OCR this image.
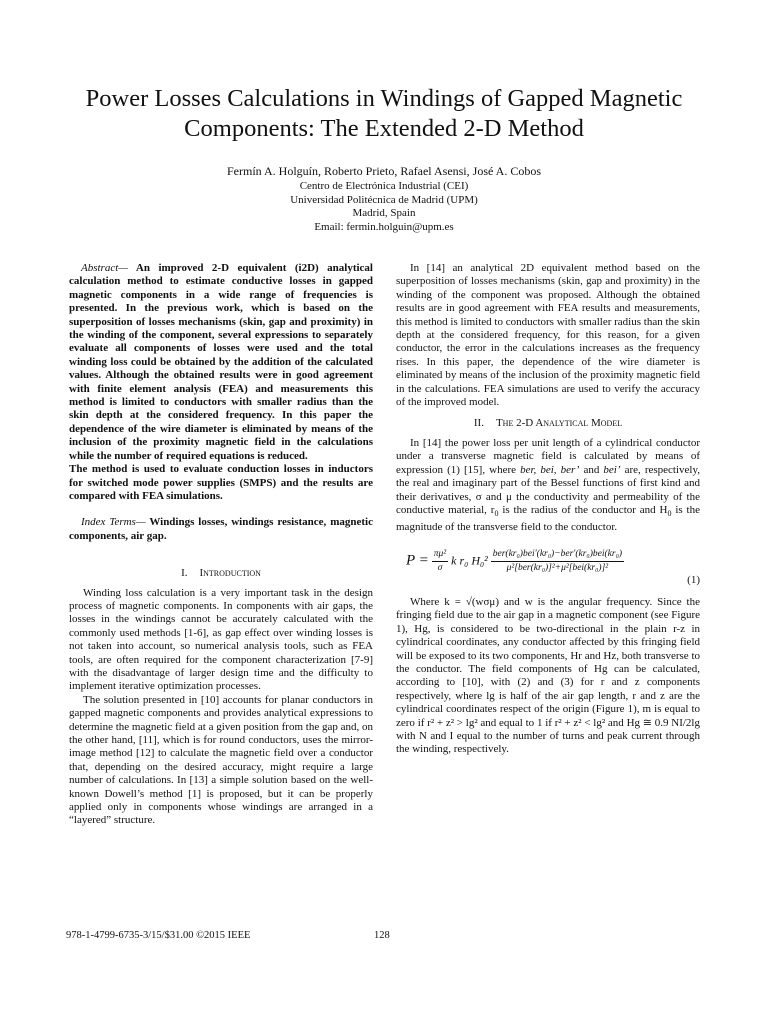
Power Losses Calculations in Windings of Gapped Magnetic Components: The Extended 2-D Method
Fermín A. Holguín, Roberto Prieto, Rafael Asensi, José A. Cobos
Centro de Electrónica Industrial (CEI)
Universidad Politécnica de Madrid (UPM)
Madrid, Spain
Email: fermin.holguin@upm.es

Abstract— An improved 2-D equivalent (i2D) analytical calculation method to estimate conductive losses in gapped magnetic components in a wide range of frequencies is presented. In the previous work, which is based on the superposition of losses mechanisms (skin, gap and proximity) in the winding of the component, several expressions to separately evaluate all components of losses were used and the total winding loss could be obtained by the addition of the calculated values. Although the obtained results were in good agreement with finite element analysis (FEA) and measurements this method is limited to conductors with smaller radius than the skin depth at the considered frequency. In this paper the dependence of the wire diameter is eliminated by means of the inclusion of the proximity magnetic field in the calculations while the number of required equations is reduced.

The method is used to evaluate conduction losses in inductors for switched mode power supplies (SMPS) and the results are compared with FEA simulations.

Index Terms— Windings losses, windings resistance, magnetic components, air gap.

I. Introduction

Winding loss calculation is a very important task in the design process of magnetic components. In components with air gaps, the losses in the windings cannot be accurately calculated with the commonly used methods [1-6], as gap effect over winding losses is not taken into account, so numerical analysis tools, such as FEA tools, are often required for the component characterization [7-9] with the disadvantage of larger design time and the difficulty to implement iterative optimization processes.

The solution presented in [10] accounts for planar conductors in gapped magnetic components and provides analytical expressions to determine the magnetic field at a given position from the gap and, on the other hand, [11], which is for round conductors, uses the mirror-image method [12] to calculate the magnetic field over a conductor that, depending on the desired accuracy, might require a large number of calculations. In [13] a simple solution based on the well-known Dowell’s method [1] is proposed, but it can be properly applied only in components whose windings are arranged in a “layered” structure.

In [14] an analytical 2D equivalent method based on the superposition of losses mechanisms (skin, gap and proximity) in the winding of the component was proposed. Although the obtained results are in good agreement with FEA results and measurements, this method is limited to conductors with smaller radius than the skin depth at the considered frequency, for this reason, for a given conductor, the error in the calculations increases as the frequency rises. In this paper, the dependence of the wire diameter is eliminated by means of the inclusion of the proximity magnetic field in the calculations. FEA simulations are used to verify the accuracy of the improved model.

II. The 2-D Analytical Model

In [14] the power loss per unit length of a cylindrical conductor under a transverse magnetic field is calculated by means of expression (1) [15], where ber, bei, ber’ and bei’ are, respectively, the real and imaginary part of the Bessel functions of first kind and their derivatives, σ and μ the conductivity and permeability of the conductive material, $r_0$ is the radius of the conductor and $H_0$ is the magnitude of the transverse field to the conductor.

$P = \frac{\text{πμ²}}{\sigma}$ k r₀ $H_0^2 \frac{\text{ber(kr₀)bei′(kr₀)−ber′(kr₀)bei(kr₀)}}{\text{μ²[ber(kr₀)]²+μ²[bei(kr₀)]²}}$
(1)

Where k = √(wσμ) and w is the angular frequency. Since the fringing field due to the air gap in a magnetic component (see Figure 1), Hg, is considered to be two-directional in the plain r-z in cylindrical coordinates, any conductor affected by this fringing field will be exposed to its two components, Hr and Hz, both transverse to the conductor. The field components of Hg can be calculated, according to [10], with (2) and (3) for r and z components respectively, where lg is half of the air gap length, r and z are the cylindrical coordinates respect of the origin (Figure 1), m is equal to zero if r² + z² > lg² and equal to 1 if r² + z² < lg² and Hg ≅ 0.9 NI/2lg with N and I equal to the number of turns and peak current through the winding, respectively.

978-1-4799-6735-3/15/$31.00 ©2015 IEEE	128
